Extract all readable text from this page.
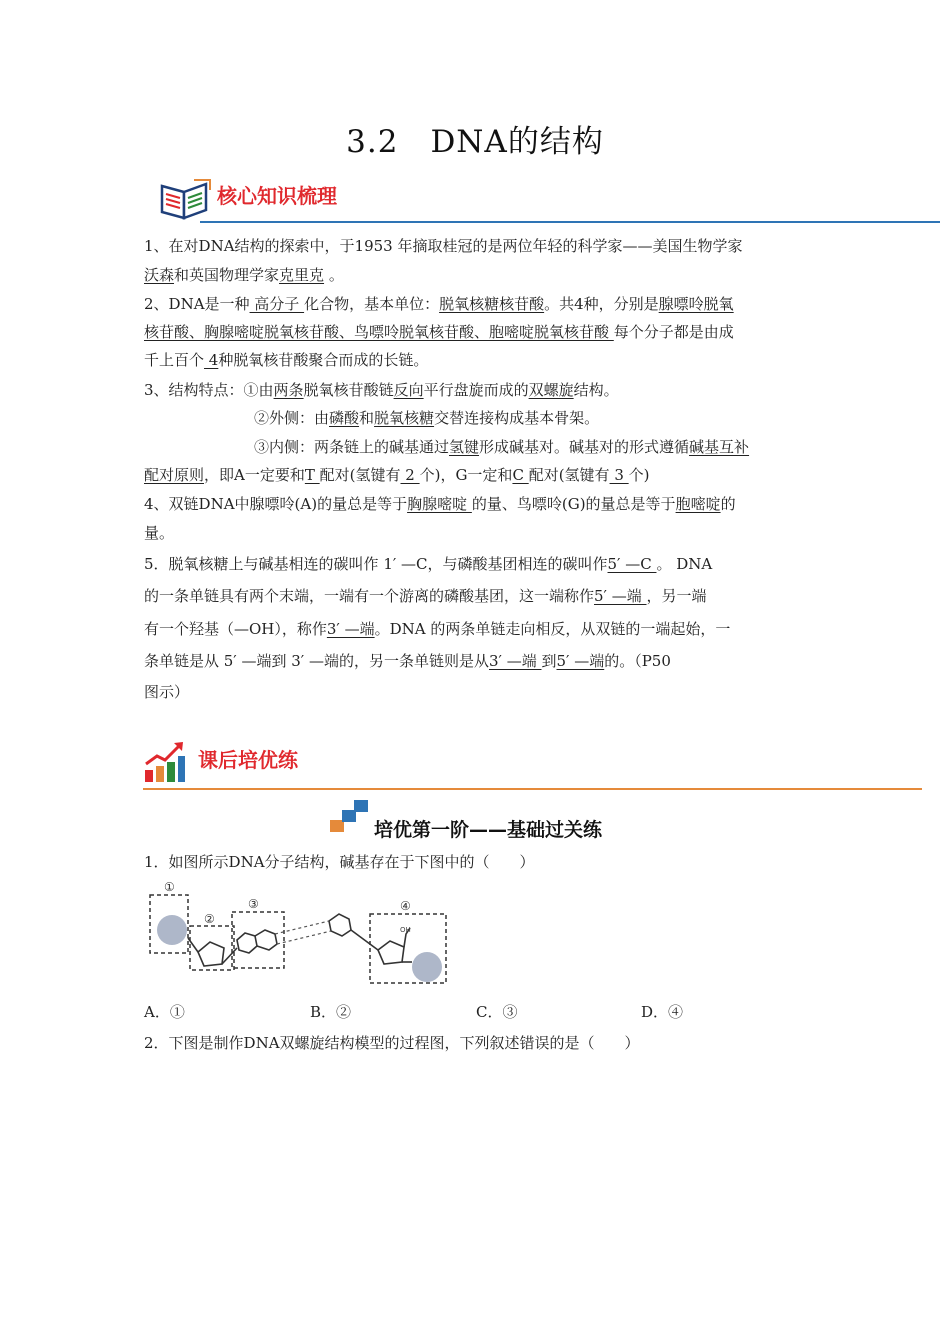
3.2　DNA的结构
核心知识梳理
1、在对DNA结构的探索中，于1953 年摘取桂冠的是两位年轻的科学家——美国生物学家
沃森和英国物理学家克里克 。
2、DNA是一种 高分子 化合物，基本单位：脱氧核糖核苷酸。共4种，分别是腺嘌呤脱氧
核苷酸、胸腺嘧啶脱氧核苷酸、鸟嘌呤脱氧核苷酸、胞嘧啶脱氧核苷酸 每个分子都是由成
千上百个 4种脱氧核苷酸聚合而成的长链。
3、结构特点：①由两条脱氧核苷酸链反向平行盘旋而成的双螺旋结构。
②外侧：由磷酸和脱氧核糖交替连接构成基本骨架。
③内侧：两条链上的碱基通过氢键形成碱基对。碱基对的形式遵循碱基互补
配对原则，即A一定要和T 配对(氢键有 2 个)，G一定和C 配对(氢键有 3 个)
4、双链DNA中腺嘌呤(A)的量总是等于胸腺嘧啶 的量、鸟嘌呤(G)的量总是等于胞嘧啶的
量。
5．脱氧核糖上与碱基相连的碳叫作 1′ —C，与磷酸基团相连的碳叫作5′ —C 。 DNA
的一条单链具有两个末端，一端有一个游离的磷酸基团，这一端称作5′ —端 ，另一端
有一个羟基（—OH），称作3′ —端。DNA 的两条单链走向相反，从双链的一端起始，一
条单链是从 5′ —端到 3′ —端的，另一条单链则是从3′ —端 到5′ —端的。（P50
图示）
课后培优练
培优第一阶——基础过关练
1．如图所示DNA分子结构，碱基存在于下图中的（　　）
①
②
③	④
OH
A．①	B．②	C．③	D．④
2．下图是制作DNA双螺旋结构模型的过程图，下列叙述错误的是（　　）
